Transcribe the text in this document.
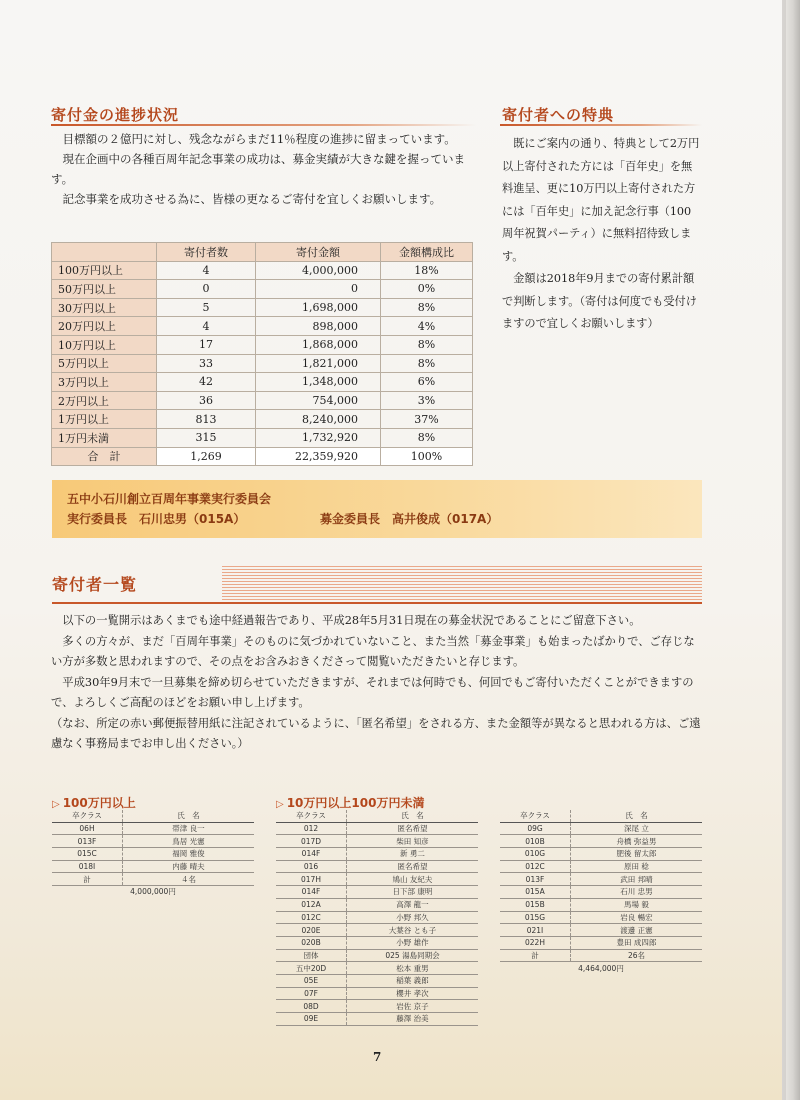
寄付金の進捗状況

目標額の２億円に対し、残念ながらまだ11％程度の進捗に留まっています。

現在企画中の各種百周年記念事業の成功は、募金実績が大きな鍵を握っています。

記念事業を成功させる為に、皆様の更なるご寄付を宜しくお願いします。

	寄付者数	寄付金額	金額構成比
100万円以上	4	4,000,000	18%
50万円以上	0	0	0%
30万円以上	5	1,698,000	8%
20万円以上	4	898,000	4%
10万円以上	17	1,868,000	8%
5万円以上	33	1,821,000	8%
3万円以上	42	1,348,000	6%
2万円以上	36	754,000	3%
1万円以上	813	8,240,000	37%
1万円未満	315	1,732,920	8%
合　計	1,269	22,359,920	100%
寄付者への特典

既にご案内の通り、特典として2万円以上寄付された方には「百年史」を無料進呈、更に10万円以上寄付された方には「百年史」に加え記念行事（100周年祝賀パーティ）に無料招待致します。

金額は2018年9月までの寄付累計額で判断します。（寄付は何度でも受付けますので宜しくお願いします）

五中小石川創立百周年事業実行委員会
実行委員長　石川忠男（015A）	募金委員長　高井俊成（017A）
寄付者一覧

以下の一覧開示はあくまでも途中経過報告であり、平成28年5月31日現在の募金状況であることにご留意下さい。

多くの方々が、まだ「百周年事業」そのものに気づかれていないこと、また当然「募金事業」も始まったばかりで、ご存じない方が多数と思われますので、その点をお含みおきくださって閲覧いただきたいと存じます。

平成30年9月末で一旦募集を締め切らせていただきますが、それまでは何時でも、何回でもご寄付いただくことができますので、よろしくご高配のほどをお願い申し上げます。

（なお、所定の赤い郵便振替用紙に注記されているように、「匿名希望」をされる方、また金額等が異なると思われる方は、ご遠慮なく事務局までお申し出ください。）

▷ 100万円以上
卒クラス	氏　名
06H	帯津 良一
013F	鳥居 光憲
015C	福岡 雅俊
018I	内藤 晴夫
計	４名
4,000,000円	
▷ 10万円以上100万円未満
卒クラス	氏　名
012	匿名希望
017D	柴田 知彦
014F	新 勇二
016	匿名希望
017H	鳩山 友紀夫
014F	日下部 康明
012A	高澤 龍一
012C	小野 邦久
020E	大葉谷 とも子
020B	小野 雄作
団体	025 湯島同期会
五中20D	松本 重男
05E	稲葉 義郎
07F	櫻井 孝次
08D	岩佐 京子
09E	藤澤 治美
卒クラス	氏　名
09G	深尾 立
010B	舟橋 弥益男
010G	肥後 留太郎
012C	原田 稔
013F	武田 邦晴
015A	石川 忠男
015B	馬場 毅
015G	岩良 暢宏
021I	渡邊 正憲
022H	豊田 成四郎
計	26名
4,464,000円	
7
